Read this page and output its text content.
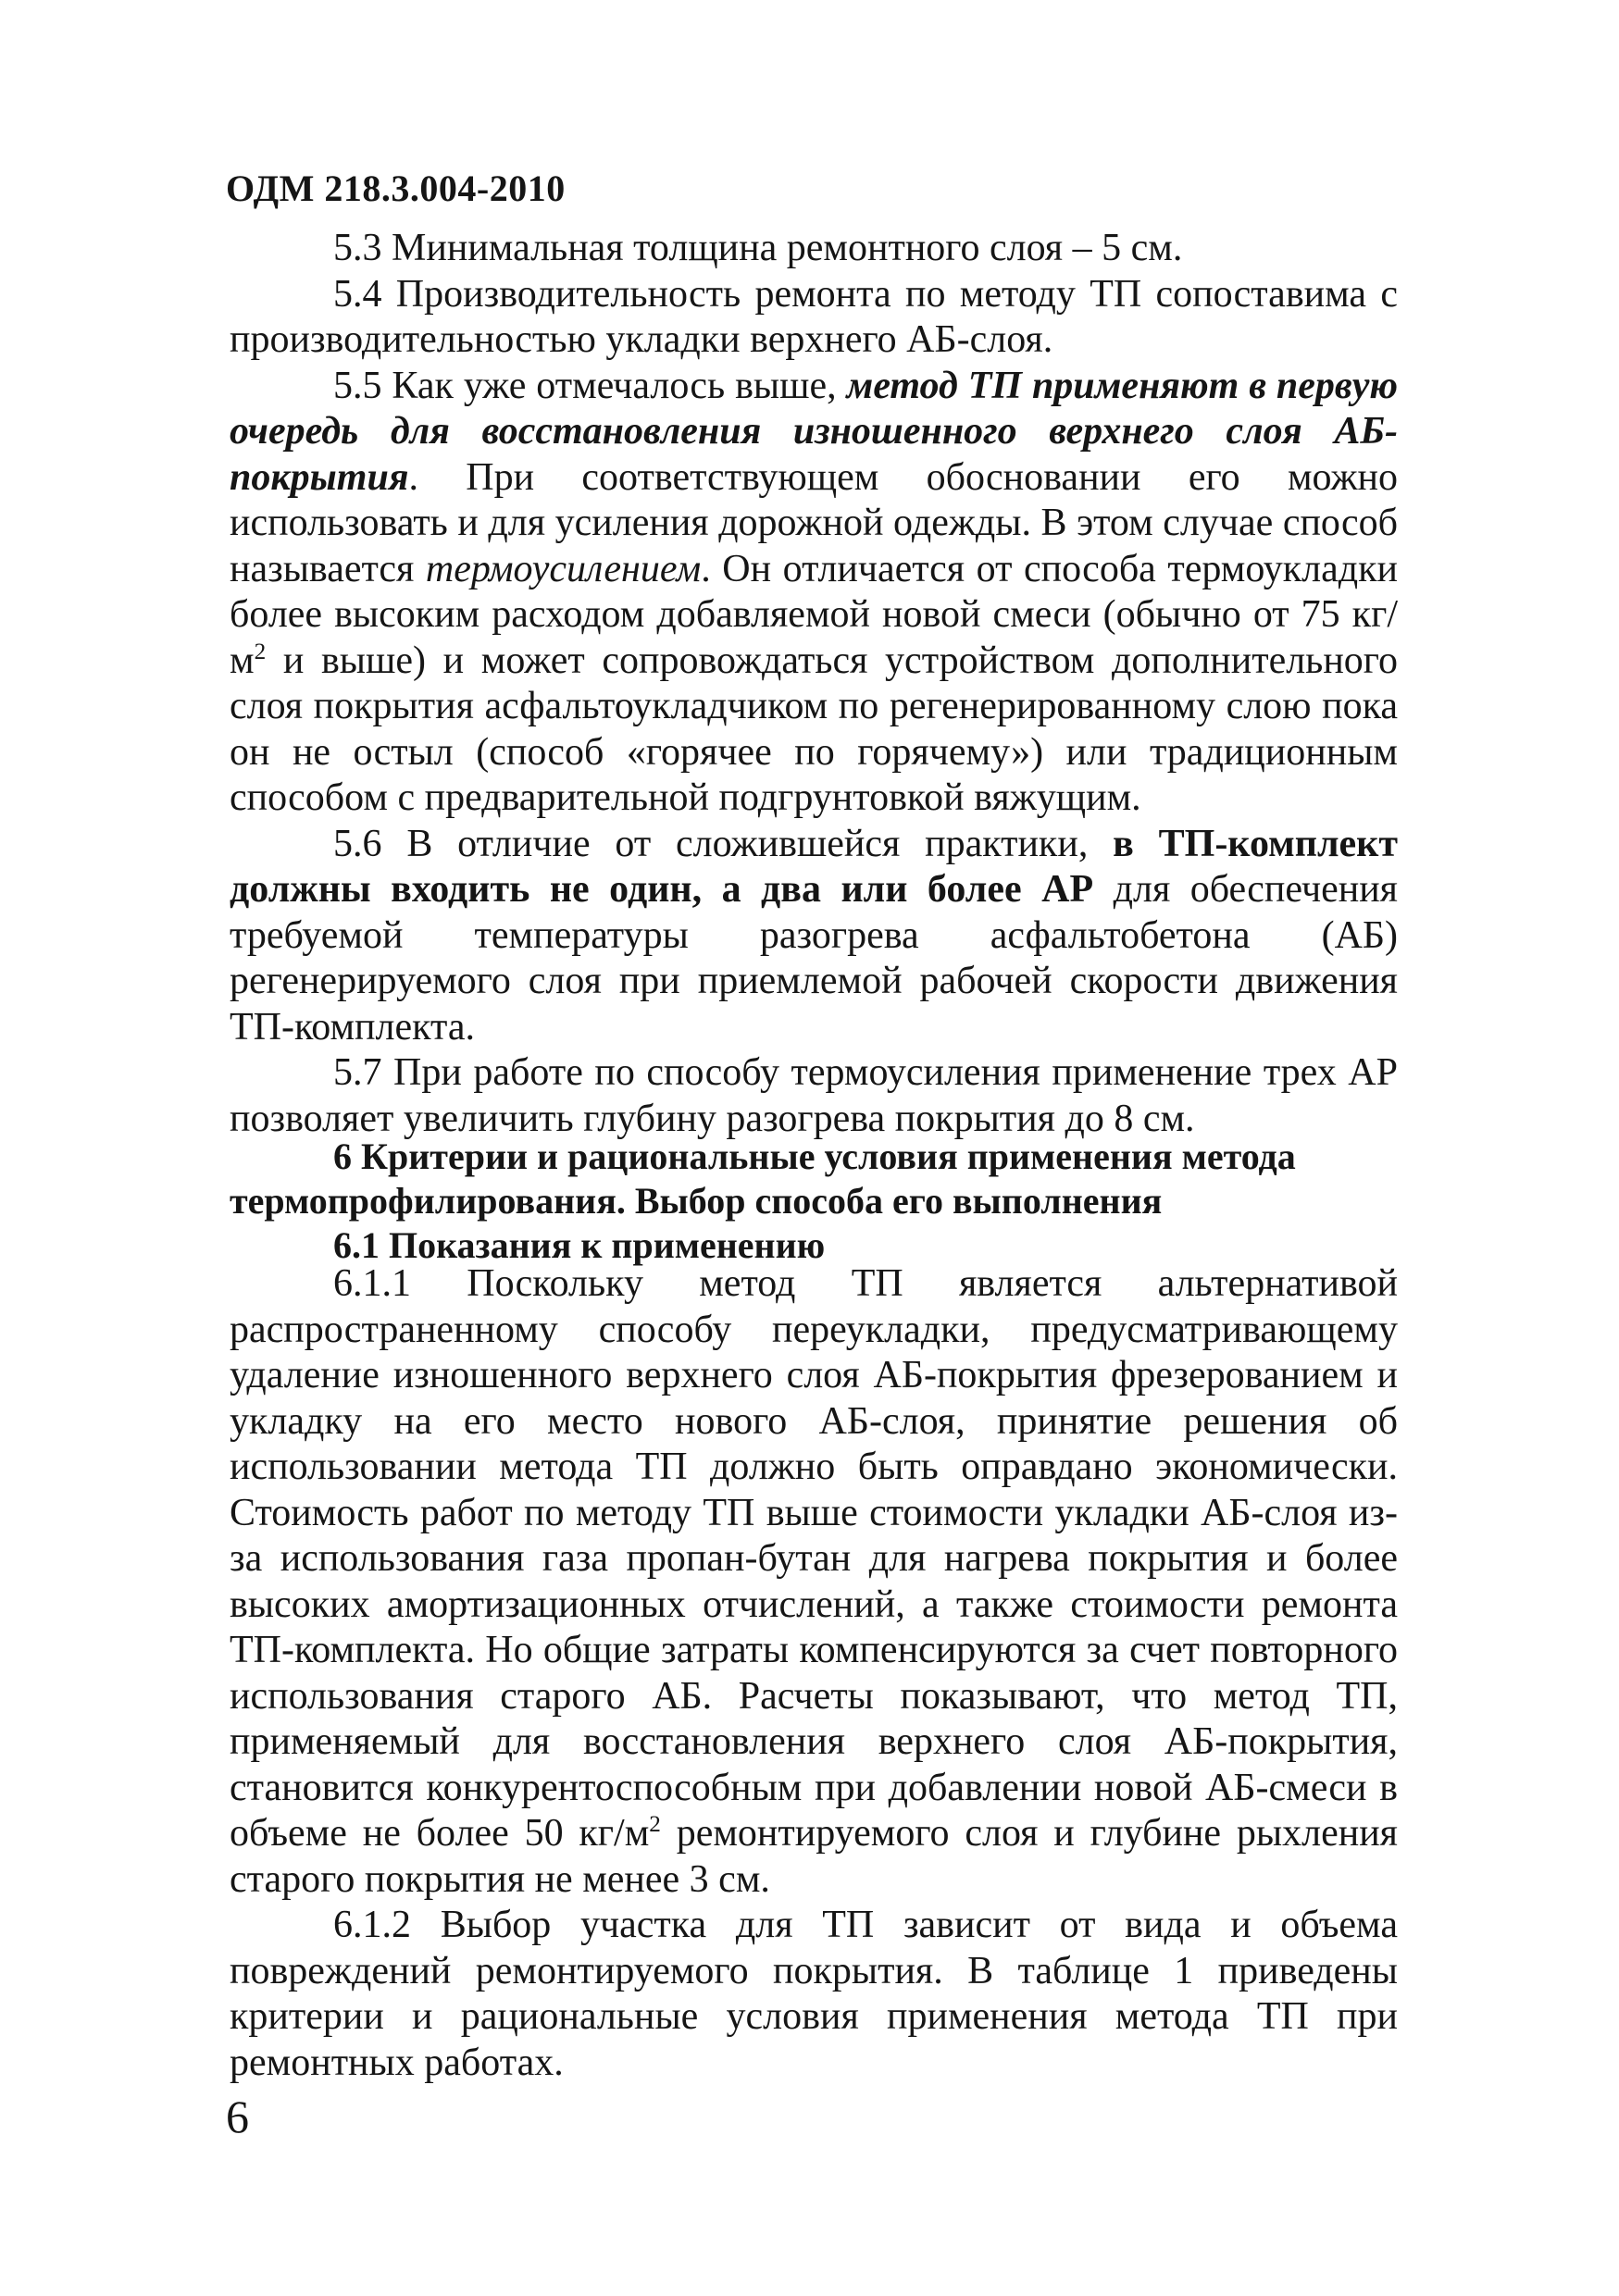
ОДМ 218.3.004-2010

5.3 Минимальная толщина ремонтного слоя – 5 см.

5.4 Производительность ремонта по методу ТП сопоставима с производительностью укладки верхнего АБ-слоя.

5.5 Как уже отмечалось выше, метод ТП применяют в первую очередь для восстановления изношенного верхнего слоя АБ-покрытия. При соответствующем обосновании его можно использовать и для усиления дорожной одежды. В этом случае способ называется термоусилением. Он отличается от способа термоукладки более высоким расходом добавляемой новой смеси (обычно от 75 $кг/м^2$ и выше) и может сопровождаться устройством дополнительного слоя покрытия асфальтоукладчиком по регенерированному слою пока он не остыл (способ «горячее по горячему») или традиционным способом с предварительной подгрунтовкой вяжущим.

5.6 В отличие от сложившейся практики, в ТП-комплект должны входить не один, а два или более АР для обеспечения требуемой температуры разогрева асфальтобетона (АБ) регенерируемого слоя при приемлемой рабочей скорости движения ТП-комплекта.

5.7 При работе по способу термоусиления применение трех АР позволяет увеличить глубину разогрева покрытия до 8 см.

6 Критерии и рациональные условия применения метода
термопрофилирования. Выбор способа его выполнения
6.1 Показания к применению

6.1.1 Поскольку метод ТП является альтернативой распространенному способу переукладки, предусматривающему удаление изношенного верхнего слоя АБ-покрытия фрезерованием и укладку на его место нового АБ-слоя, принятие решения об использовании метода ТП должно быть оправдано экономически. Стоимость работ по методу ТП выше стоимости укладки АБ-слоя из-за использования газа пропан-бутан для нагрева покрытия и более высоких амортизационных отчислений, а также стоимости ремонта ТП-комплекта. Но общие затраты компенсируются за счет повторного использования старого АБ. Расчеты показывают, что метод ТП, применяемый для восстановления верхнего слоя АБ-покрытия, становится конкурентоспособным при добавлении новой АБ-смеси в объеме не более 50 $кг/м^2$ ремонтируемого слоя и глубине рыхления старого покрытия не менее 3 см.

6.1.2 Выбор участка для ТП зависит от вида и объема повреждений ремонтируемого покрытия. В таблице 1 приведены критерии и рациональные условия применения метода ТП при ремонтных работах.

6
